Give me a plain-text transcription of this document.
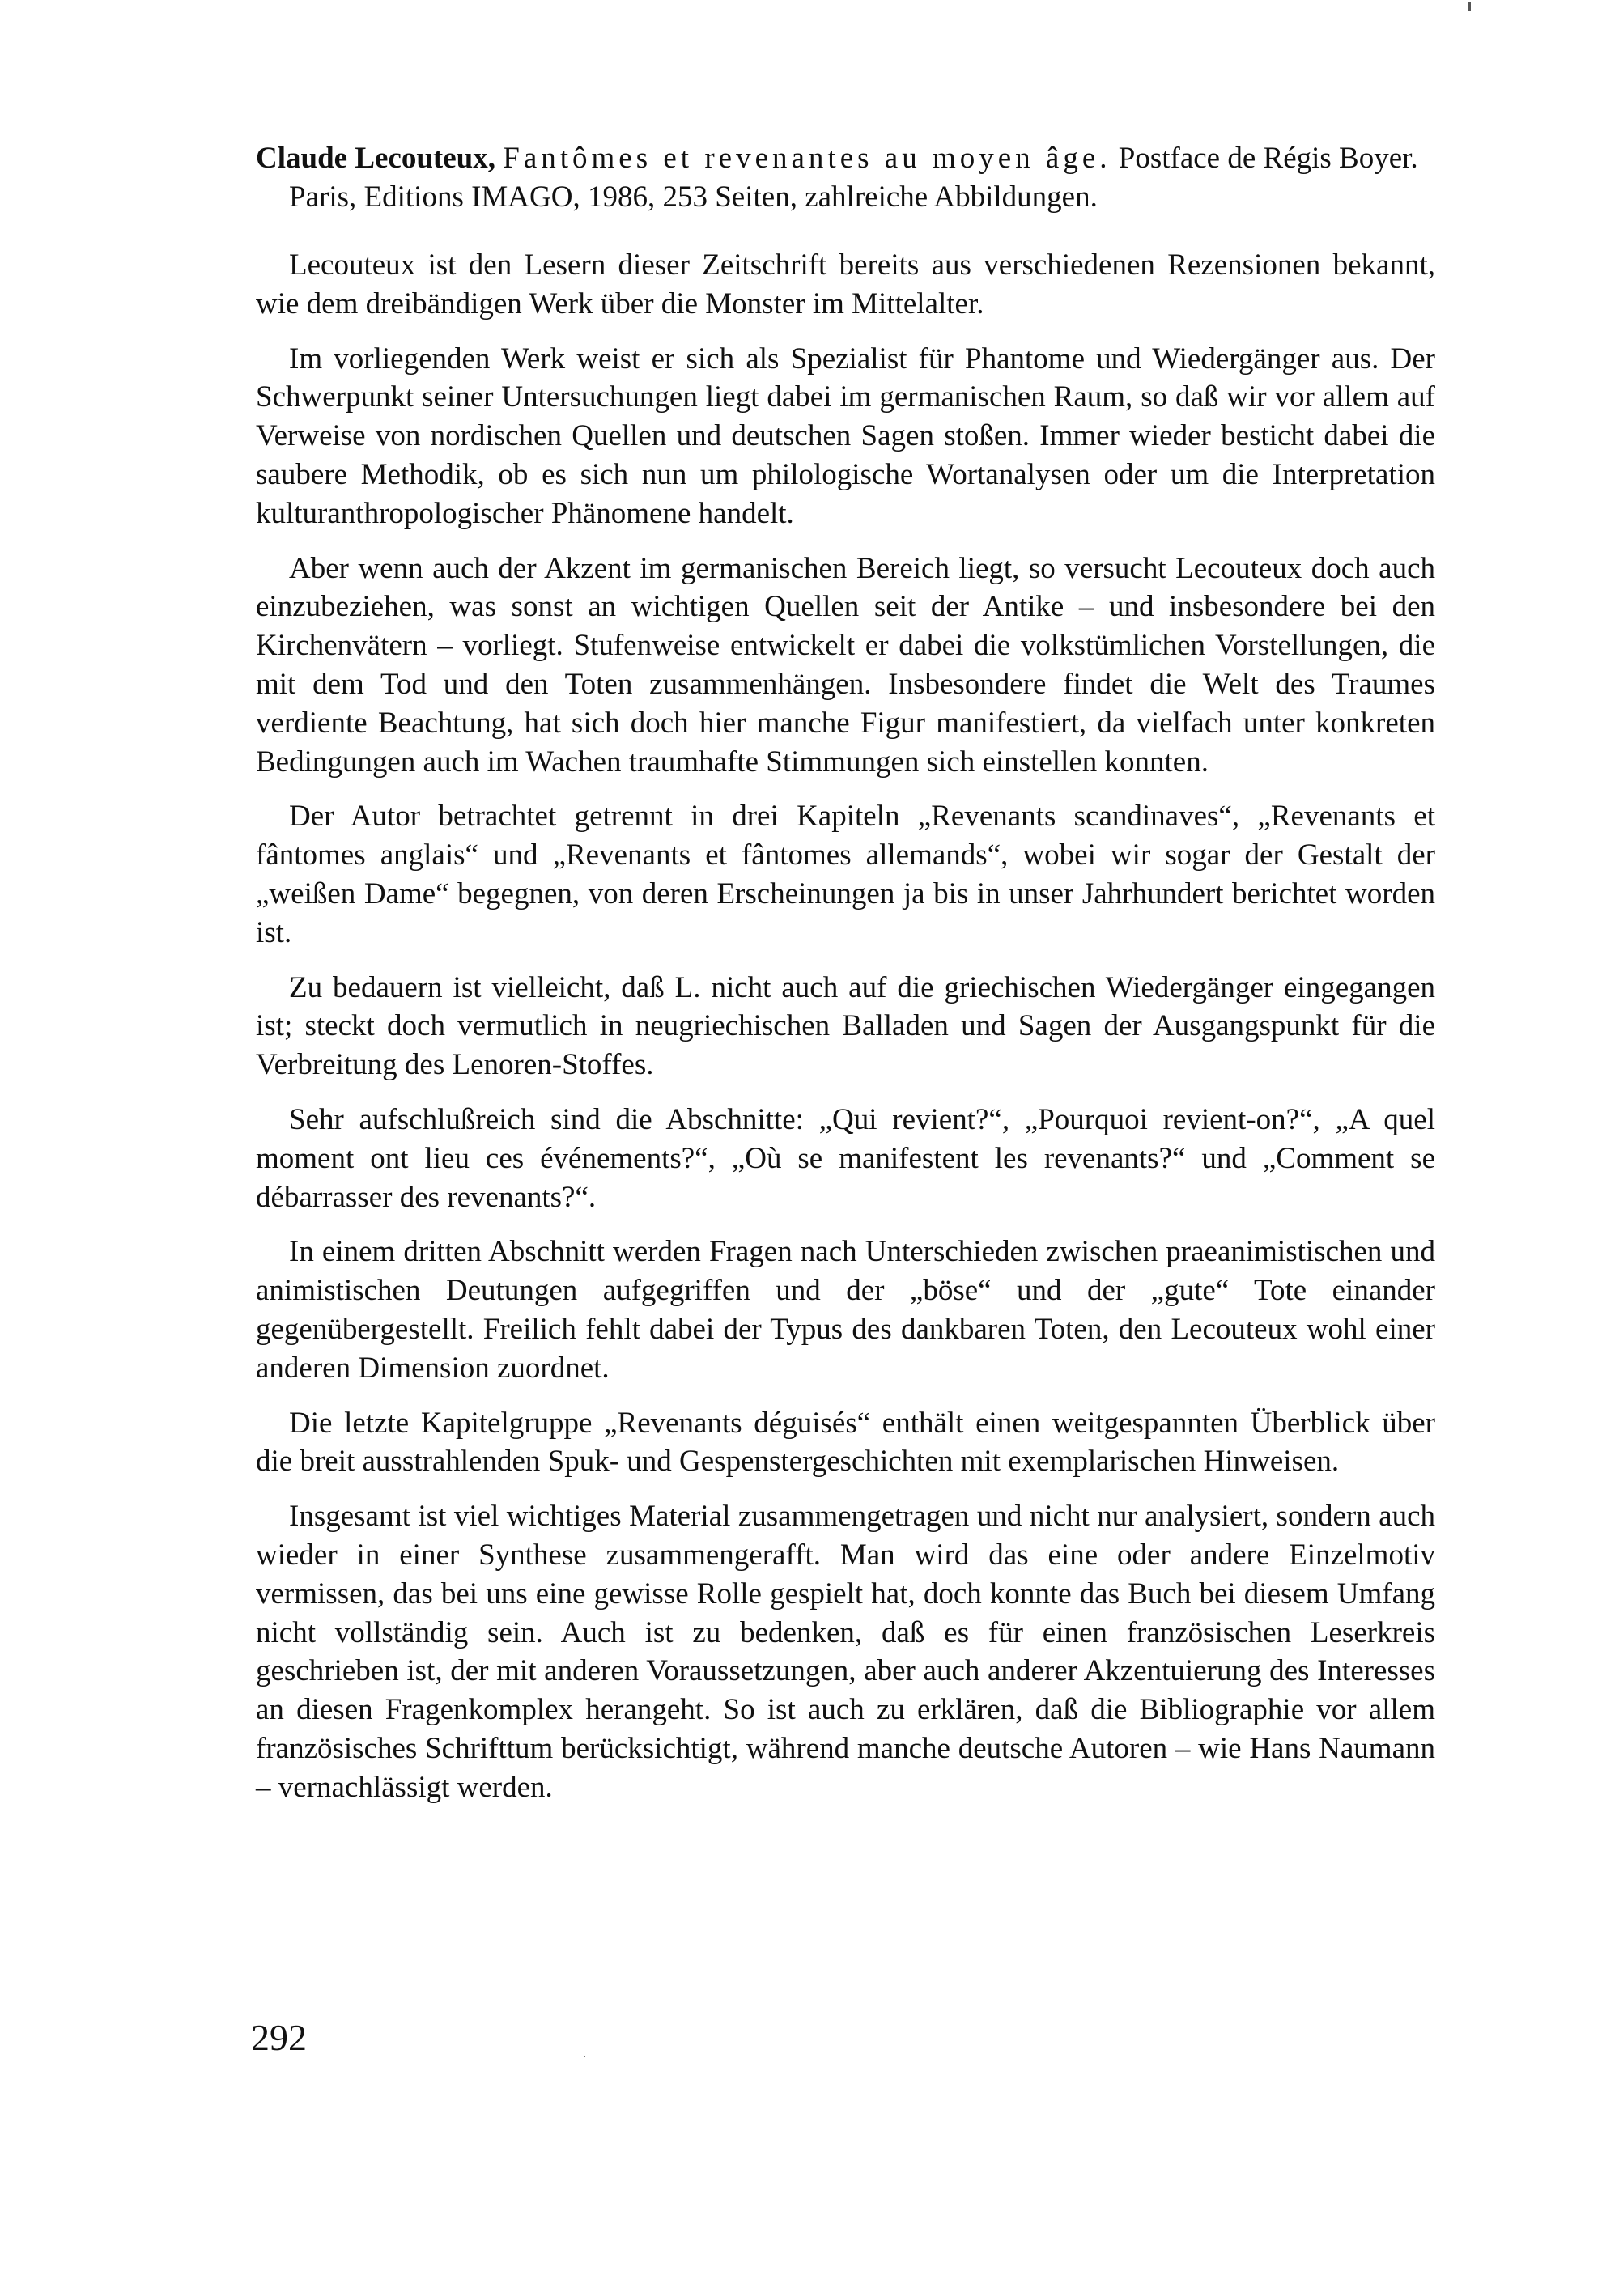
Claude Lecouteux, Fantômes et revenantes au moyen âge. Postface de Régis Boyer. Paris, Editions IMAGO, 1986, 253 Seiten, zahlreiche Abbildungen.

Lecouteux ist den Lesern dieser Zeitschrift bereits aus verschiedenen Rezensionen bekannt, wie dem dreibändigen Werk über die Monster im Mittelalter.

Im vorliegenden Werk weist er sich als Spezialist für Phantome und Wiedergänger aus. Der Schwerpunkt seiner Untersuchungen liegt dabei im germanischen Raum, so daß wir vor allem auf Verweise von nordischen Quellen und deutschen Sagen stoßen. Immer wieder besticht dabei die saubere Methodik, ob es sich nun um philologische Wortanalysen oder um die Interpretation kulturanthropologischer Phänomene handelt.

Aber wenn auch der Akzent im germanischen Bereich liegt, so versucht Lecouteux doch auch einzubeziehen, was sonst an wichtigen Quellen seit der Antike – und insbesondere bei den Kirchenvätern – vorliegt. Stufenweise entwickelt er dabei die volkstümlichen Vorstellungen, die mit dem Tod und den Toten zusammenhängen. Insbesondere findet die Welt des Traumes verdiente Beachtung, hat sich doch hier manche Figur manifestiert, da vielfach unter konkreten Bedingungen auch im Wachen traumhafte Stimmungen sich einstellen konnten.

Der Autor betrachtet getrennt in drei Kapiteln „Revenants scandinaves“, „Revenants et fântomes anglais“ und „Revenants et fântomes allemands“, wobei wir sogar der Gestalt der „weißen Dame“ begegnen, von deren Erscheinungen ja bis in unser Jahrhundert berichtet worden ist.

Zu bedauern ist vielleicht, daß L. nicht auch auf die griechischen Wiedergänger eingegangen ist; steckt doch vermutlich in neugriechischen Balladen und Sagen der Ausgangspunkt für die Verbreitung des Lenoren-Stoffes.

Sehr aufschlußreich sind die Abschnitte: „Qui revient?“, „Pourquoi revient-on?“, „A quel moment ont lieu ces événements?“, „Où se manifestent les revenants?“ und „Comment se débarrasser des revenants?“.

In einem dritten Abschnitt werden Fragen nach Unterschieden zwischen praeanimistischen und animistischen Deutungen aufgegriffen und der „böse“ und der „gute“ Tote einander gegenübergestellt. Freilich fehlt dabei der Typus des dankbaren Toten, den Lecouteux wohl einer anderen Dimension zuordnet.

Die letzte Kapitelgruppe „Revenants déguisés“ enthält einen weitgespannten Überblick über die breit ausstrahlenden Spuk- und Gespenstergeschichten mit exemplarischen Hinweisen.

Insgesamt ist viel wichtiges Material zusammengetragen und nicht nur analysiert, sondern auch wieder in einer Synthese zusammengerafft. Man wird das eine oder andere Einzelmotiv vermissen, das bei uns eine gewisse Rolle gespielt hat, doch konnte das Buch bei diesem Umfang nicht vollständig sein. Auch ist zu bedenken, daß es für einen französischen Leserkreis geschrieben ist, der mit anderen Voraussetzungen, aber auch anderer Akzentuierung des Interesses an diesen Fragenkomplex herangeht. So ist auch zu erklären, daß die Bibliographie vor allem französisches Schrifttum berücksichtigt, während manche deutsche Autoren – wie Hans Naumann – vernachlässigt werden.

292
